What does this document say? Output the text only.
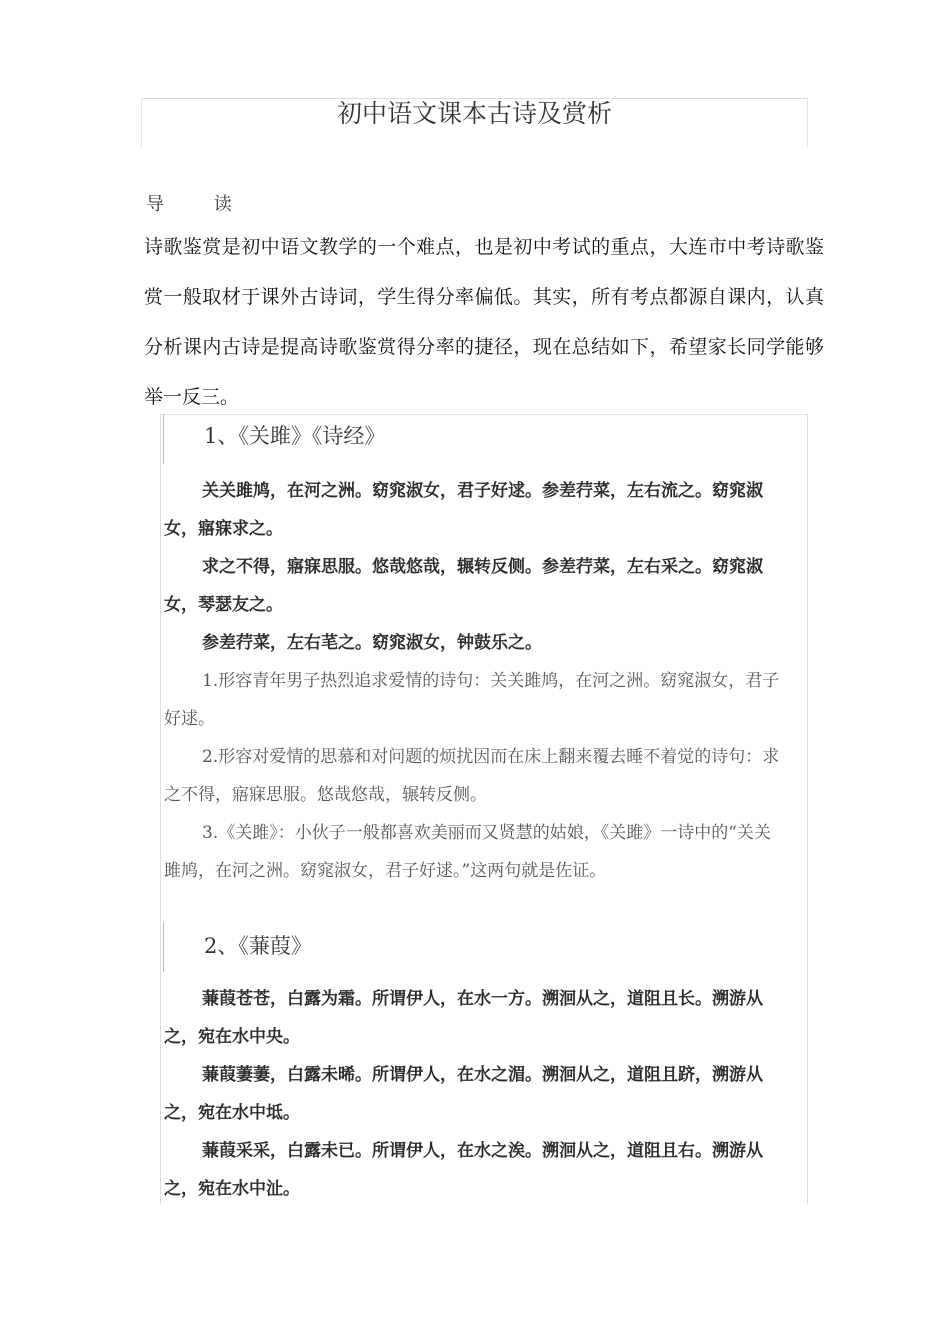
初中语文课本古诗及赏析
导 读

诗歌鉴赏是初中语文教学的一个难点，也是初中考试的重点，大连市中考诗歌鉴赏一般取材于课外古诗词，学生得分率偏低。其实，所有考点都源自课内，认真分析课内古诗是提高诗歌鉴赏得分率的捷径，现在总结如下，希望家长同学能够举一反三。

1、《关雎》《诗经》

关关雎鸠，在河之洲。窈窕淑女，君子好逑。参差荇菜，左右流之。窈窕淑女，寤寐求之。

求之不得，寤寐思服。悠哉悠哉，辗转反侧。参差荇菜，左右采之。窈窕淑女，琴瑟友之。

参差荇菜，左右芼之。窈窕淑女，钟鼓乐之。

1.形容青年男子热烈追求爱情的诗句：关关雎鸠，在河之洲。窈窕淑女，君子好逑。

2.形容对爱情的思慕和对问题的烦扰因而在床上翻来覆去睡不着觉的诗句：求之不得，寤寐思服。悠哉悠哉，辗转反侧。

3.《关雎》：小伙子一般都喜欢美丽而又贤慧的姑娘，《关雎》一诗中的“关关雎鸠，在河之洲。窈窕淑女，君子好逑。”这两句就是佐证。

2、《蒹葭》

蒹葭苍苍，白露为霜。所谓伊人，在水一方。溯洄从之，道阻且长。溯游从之，宛在水中央。

蒹葭萋萋，白露未晞。所谓伊人，在水之湄。溯洄从之，道阻且跻，溯游从之，宛在水中坻。

蒹葭采采，白露未已。所谓伊人，在水之涘。溯洄从之，道阻且右。溯游从之，宛在水中沚。
